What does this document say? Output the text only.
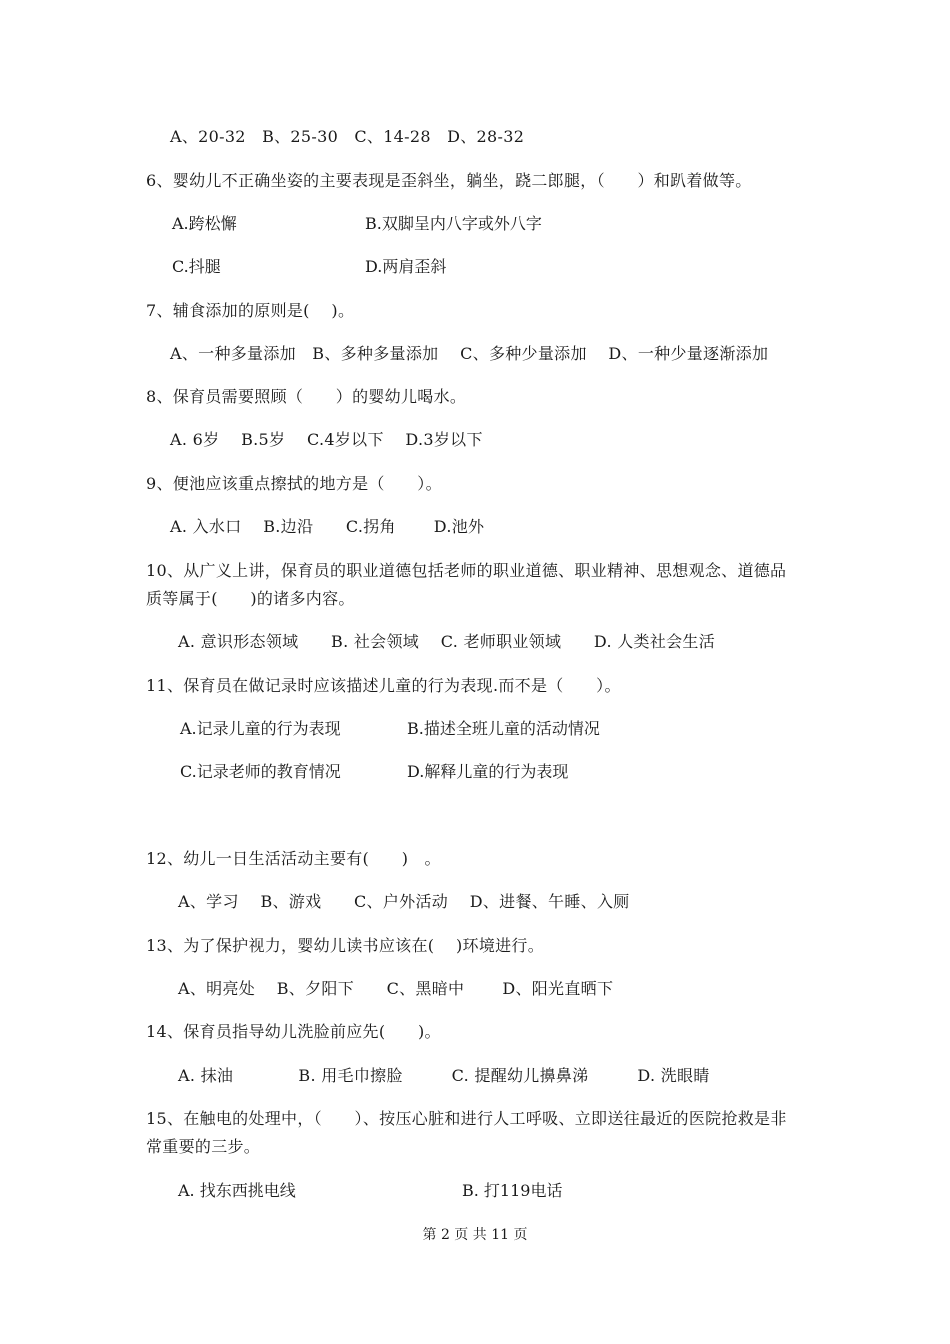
A、20-32　B、25-30　C、14-28　D、28-32
6、婴幼儿不正确坐姿的主要表现是歪斜坐，躺坐，跷二郎腿，（　　）和趴着做等。
A.跨松懈	B.双脚呈内八字或外八字
C.抖腿	D.两肩歪斜
7、辅食添加的原则是(　 )。
A、一种多量添加　B、多种多量添加　 C、多种少量添加　 D、一种少量逐渐添加
8、保育员需要照顾（　　）的婴幼儿喝水。
A. 6岁　 B.5岁　 C.4岁以下　 D.3岁以下
9、便池应该重点擦拭的地方是（　　）。
A. 入水口　 B.边沿　　C.拐角　　 D.池外
10、从广义上讲，保育员的职业道德包括老师的职业道德、职业精神、思想观念、道德品
质等属于(　　)的诸多内容。
A. 意识形态领域　　B. 社会领域　 C. 老师职业领域　　D. 人类社会生活
11、保育员在做记录时应该描述儿童的行为表现.而不是（　　）。
A.记录儿童的行为表现	B.描述全班儿童的活动情况
C.记录老师的教育情况	D.解释儿童的行为表现
12、幼儿一日生活活动主要有(　　)　。
A、学习　 B、游戏　　C、户外活动　 D、进餐、午睡、入厕
13、为了保护视力，婴幼儿读书应该在(　 )环境进行。
A、明亮处　 B、夕阳下　　C、黑暗中　　 D、阳光直晒下
14、保育员指导幼儿洗脸前应先(　　)。
A. 抹油　　　　B. 用毛巾擦脸　　　C. 提醒幼儿擤鼻涕　　　D. 洗眼睛
15、在触电的处理中，（　　）、按压心脏和进行人工呼吸、立即送往最近的医院抢救是非
常重要的三步。
A. 找东西挑电线	B. 打119电话
第 2 页 共 11 页
